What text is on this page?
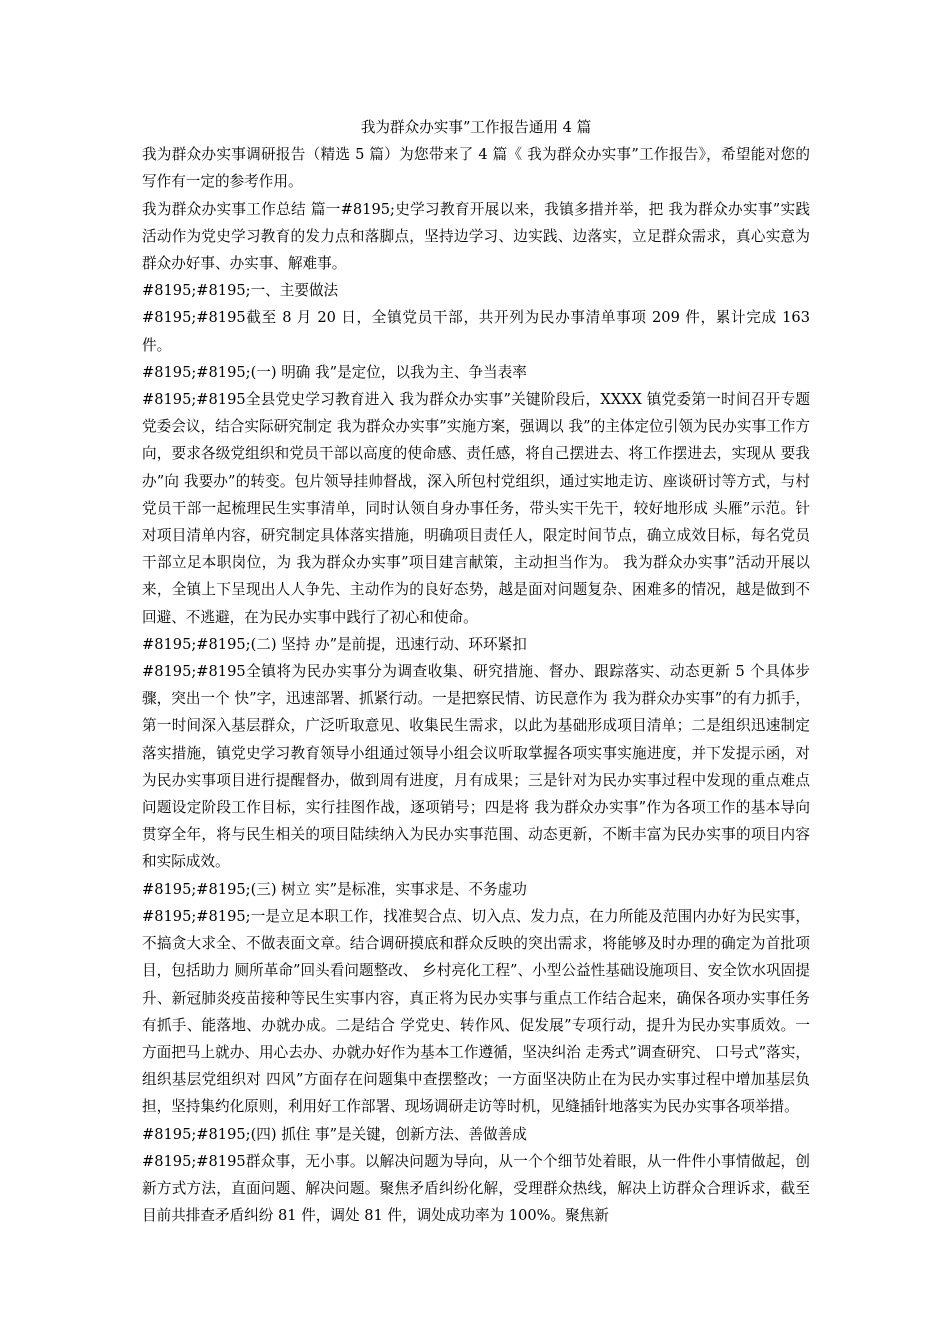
我为群众办实事”工作报告通用 4 篇

我为群众办实事调研报告（精选 5 篇）为您带来了 4 篇《 我为群众办实事”工作报告》，希望能对您的写作有一定的参考作用。

我为群众办实事工作总结 篇一#8195;史学习教育开展以来，我镇多措并举，把 我为群众办实事”实践活动作为党史学习教育的发力点和落脚点，坚持边学习、边实践、边落实，立足群众需求，真心实意为群众办好事、办实事、解难事。

#8195;#8195;一、主要做法

#8195;#8195截至 8 月 20 日，全镇党员干部，共开列为民办事清单事项 209 件，累计完成 163 件。

#8195;#8195;(一) 明确 我”是定位，以我为主、争当表率

#8195;#8195全县党史学习教育进入 我为群众办实事”关键阶段后，XXXX 镇党委第一时间召开专题党委会议，结合实际研究制定 我为群众办实事”实施方案，强调以 我”的主体定位引领为民办实事工作方向，要求各级党组织和党员干部以高度的使命感、责任感，将自己摆进去、将工作摆进去，实现从 要我办”向 我要办”的转变。包片领导挂帅督战，深入所包村党组织，通过实地走访、座谈研讨等方式，与村党员干部一起梳理民生实事清单，同时认领自身办事任务，带头实干先干，较好地形成 头雁”示范。针对项目清单内容，研究制定具体落实措施，明确项目责任人，限定时间节点，确立成效目标，每名党员干部立足本职岗位，为 我为群众办实事”项目建言献策，主动担当作为。 我为群众办实事”活动开展以来，全镇上下呈现出人人争先、主动作为的良好态势，越是面对问题复杂、困难多的情况，越是做到不回避、不逃避，在为民办实事中践行了初心和使命。

#8195;#8195;(二) 坚持 办”是前提，迅速行动、环环紧扣

#8195;#8195全镇将为民办实事分为调查收集、研究措施、督办、跟踪落实、动态更新 5 个具体步骤，突出一个 快”字，迅速部署、抓紧行动。一是把察民情、访民意作为 我为群众办实事”的有力抓手，第一时间深入基层群众，广泛听取意见、收集民生需求，以此为基础形成项目清单；二是组织迅速制定落实措施，镇党史学习教育领导小组通过领导小组会议听取掌握各项实事实施进度，并下发提示函，对为民办实事项目进行提醒督办，做到周有进度，月有成果；三是针对为民办实事过程中发现的重点难点问题设定阶段工作目标，实行挂图作战，逐项销号；四是将 我为群众办实事”作为各项工作的基本导向贯穿全年，将与民生相关的项目陆续纳入为民办实事范围、动态更新，不断丰富为民办实事的项目内容和实际成效。

#8195;#8195;(三) 树立 实”是标准，实事求是、不务虚功

#8195;#8195;一是立足本职工作，找准契合点、切入点、发力点，在力所能及范围内办好为民实事，不搞贪大求全、不做表面文章。结合调研摸底和群众反映的突出需求，将能够及时办理的确定为首批项目，包括助力 厕所革命”回头看问题整改、 乡村亮化工程”、小型公益性基础设施项目、安全饮水巩固提升、新冠肺炎疫苗接种等民生实事内容，真正将为民办实事与重点工作结合起来，确保各项办实事任务有抓手、能落地、办就办成。二是结合 学党史、转作风、促发展”专项行动，提升为民办实事质效。一方面把马上就办、用心去办、办就办好作为基本工作遵循，坚决纠治 走秀式”调查研究、 口号式”落实，组织基层党组织对 四风”方面存在问题集中查摆整改；一方面坚决防止在为民办实事过程中增加基层负担，坚持集约化原则，利用好工作部署、现场调研走访等时机，见缝插针地落实为民办实事各项举措。

#8195;#8195;(四) 抓住 事”是关键，创新方法、善做善成

#8195;#8195群众事，无小事。以解决问题为导向，从一个个细节处着眼，从一件件小事情做起，创新方式方法，直面问题、解决问题。聚焦矛盾纠纷化解，受理群众热线，解决上访群众合理诉求，截至目前共排查矛盾纠纷 81 件，调处 81 件，调处成功率为 100%。聚焦新
